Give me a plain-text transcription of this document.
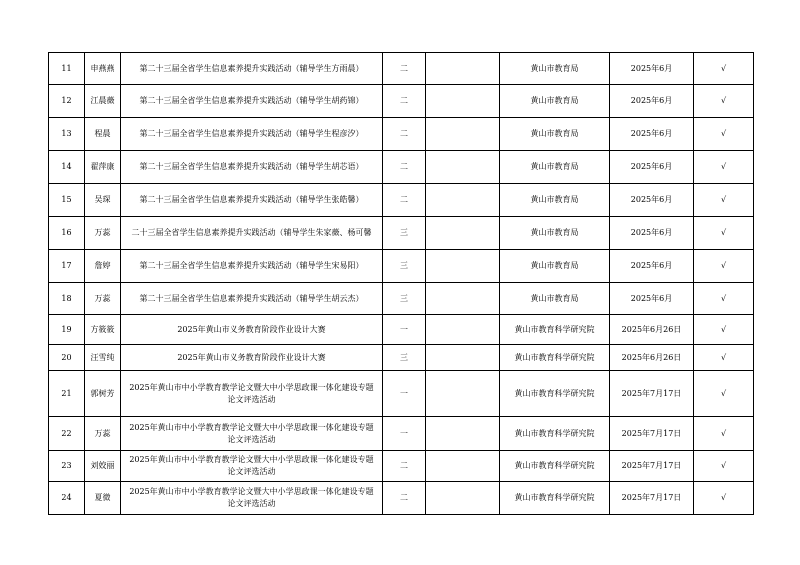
11	申燕燕	第二十三届全省学生信息素养提升实践活动（辅导学生方雨晨）	二		黄山市教育局	2025年6月	√
12	江晨薇	第二十三届全省学生信息素养提升实践活动（辅导学生胡药锦）	二		黄山市教育局	2025年6月	√
13	程晨	第二十三届全省学生信息素养提升实践活动（辅导学生程彦汐）	二		黄山市教育局	2025年6月	√
14	翟萍康	第二十三届全省学生信息素养提升实践活动（辅导学生胡芯语）	二		黄山市教育局	2025年6月	√
15	吴琛	第二十三届全省学生信息素养提升实践活动（辅导学生张皓馨）	二		黄山市教育局	2025年6月	√
16	万蕊	二十三届全省学生信息素养提升实践活动（辅导学生朱家薇、杨可馨	三		黄山市教育局	2025年6月	√
17	詹婷	第二十三届全省学生信息素养提升实践活动（辅导学生宋易阳）	三		黄山市教育局	2025年6月	√
18	万蕊	第二十三届全省学生信息素养提升实践活动（辅导学生胡云杰）	三		黄山市教育局	2025年6月	√
19	方筱筱	2025年黄山市义务教育阶段作业设计大赛	一		黄山市教育科学研究院	2025年6月26日	√
20	汪雪纯	2025年黄山市义务教育阶段作业设计大赛	三		黄山市教育科学研究院	2025年6月26日	√
21	郭树芳	2025年黄山市中小学教育教学论文暨大中小学思政课一体化建设专题论文评选活动	一		黄山市教育科学研究院	2025年7月17日	√
22	万蕊	2025年黄山市中小学教育教学论文暨大中小学思政课一体化建设专题论文评选活动	一		黄山市教育科学研究院	2025年7月17日	√
23	刘姣丽	2025年黄山市中小学教育教学论文暨大中小学思政课一体化建设专题论文评选活动	二		黄山市教育科学研究院	2025年7月17日	√
24	夏微	2025年黄山市中小学教育教学论文暨大中小学思政课一体化建设专题论文评选活动	二		黄山市教育科学研究院	2025年7月17日	√
